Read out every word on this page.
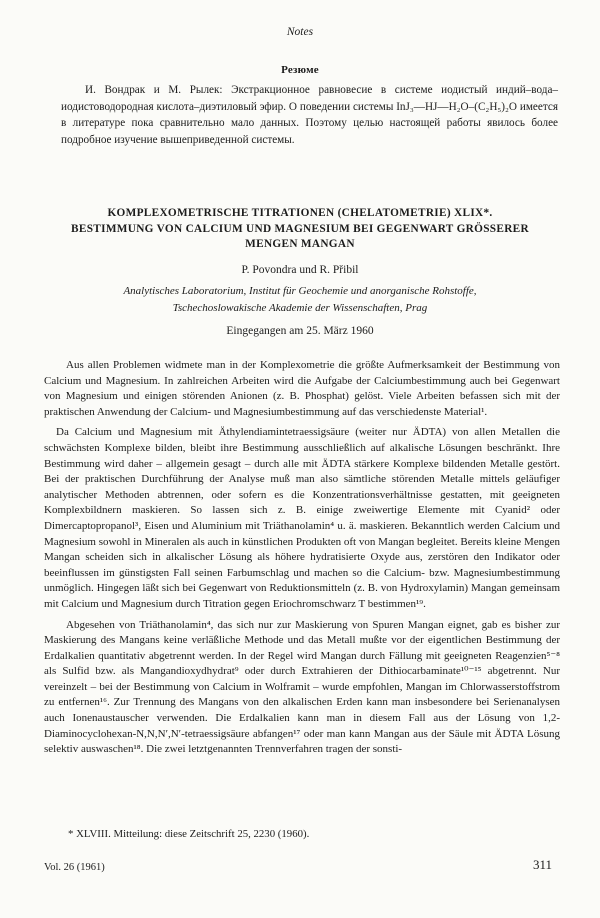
Notes
Резюме

И. Вондрак и М. Рылек: Экстракционное равновесие в системе иодистый индий–вода–иодистоводородная кислота–диэтиловый эфир. О поведении системы InJ₃—HJ—H₂O–(C₂H₅)₂O имеется в литературе пока сравнительно мало данных. Поэтому целью настоящей работы явилось более подробное изучение вышеприведенной системы.

KOMPLEXOMETRISCHE TITRATIONEN (CHELATOMETRIE) XLIX*.
BESTIMMUNG VON CALCIUM UND MAGNESIUM BEI GEGENWART GRÖSSERER
MENGEN MANGAN
P. Povondra und R. Přibil
Analytisches Laboratorium, Institut für Geochemie und anorganische Rohstoffe,
Tschechoslowakische Akademie der Wissenschaften, Prag
Eingegangen am 25. März 1960

Aus allen Problemen widmete man in der Komplexometrie die größte Aufmerksamkeit der Bestimmung von Calcium und Magnesium. In zahlreichen Arbeiten wird die Aufgabe der Calciumbestimmung auch bei Gegenwart von Magnesium und einigen störenden Anionen (z. B. Phosphat) gelöst. Viele Arbeiten befassen sich mit der praktischen Anwendung der Calcium- und Magnesiumbestimmung auf das verschiedenste Material¹.

Da Calcium und Magnesium mit Äthylendiamintetraessigsäure (weiter nur ÄDTA) von allen Metallen die schwächsten Komplexe bilden, bleibt ihre Bestimmung ausschließlich auf alkalische Lösungen beschränkt. Ihre Bestimmung wird daher – allgemein gesagt – durch alle mit ÄDTA stärkere Komplexe bildenden Metalle gestört. Bei der praktischen Durchführung der Analyse muß man also sämtliche störenden Metalle mittels geläufiger analytischer Methoden abtrennen, oder sofern es die Konzentrationsverhältnisse gestatten, mit geeigneten Komplexbildnern maskieren. So lassen sich z. B. einige zweiwertige Elemente mit Cyanid² oder Dimercaptopropanol³, Eisen und Aluminium mit Triäthanolamin⁴ u. ä. maskieren. Bekanntlich werden Calcium und Magnesium sowohl in Mineralen als auch in künstlichen Produkten oft von Mangan begleitet. Bereits kleine Mengen Mangan scheiden sich in alkalischer Lösung als höhere hydratisierte Oxyde aus, zerstören den Indikator oder beeinflussen im günstigsten Fall seinen Farbumschlag und machen so die Calcium- bzw. Magnesiumbestimmung unmöglich. Hingegen läßt sich bei Gegenwart von Reduktionsmitteln (z. B. von Hydroxylamin) Mangan gemeinsam mit Calcium und Magnesium durch Titration gegen Eriochromschwarz T bestimmen¹⁹.

Abgesehen von Triäthanolamin⁴, das sich nur zur Maskierung von Spuren Mangan eignet, gab es bisher zur Maskierung des Mangans keine verläßliche Methode und das Metall mußte vor der eigentlichen Bestimmung der Erdalkalien quantitativ abgetrennt werden. In der Regel wird Mangan durch Fällung mit geeigneten Reagenzien⁵⁻⁸ als Sulfid bzw. als Mangandioxydhydrat⁹ oder durch Extrahieren der Dithiocarbaminate¹⁰⁻¹⁵ abgetrennt. Nur vereinzelt – bei der Bestimmung von Calcium in Wolframit – wurde empfohlen, Mangan im Chlorwasserstoffstrom zu entfernen¹⁶. Zur Trennung des Mangans von den alkalischen Erden kann man insbesondere bei Serienanalysen auch Ionenaustauscher verwenden. Die Erdalkalien kann man in diesem Fall aus der Lösung von 1,2-Diaminocyclohexan-N,N,N′,N′-tetraessigsäure abfangen¹⁷ oder man kann Mangan aus der Säule mit ÄDTA Lösung selektiv auswaschen¹⁸. Die zwei letztgenannten Trennverfahren tragen der sonsti-

* XLVIII. Mitteilung: diese Zeitschrift 25, 2230 (1960).
Vol. 26 (1961)	311
